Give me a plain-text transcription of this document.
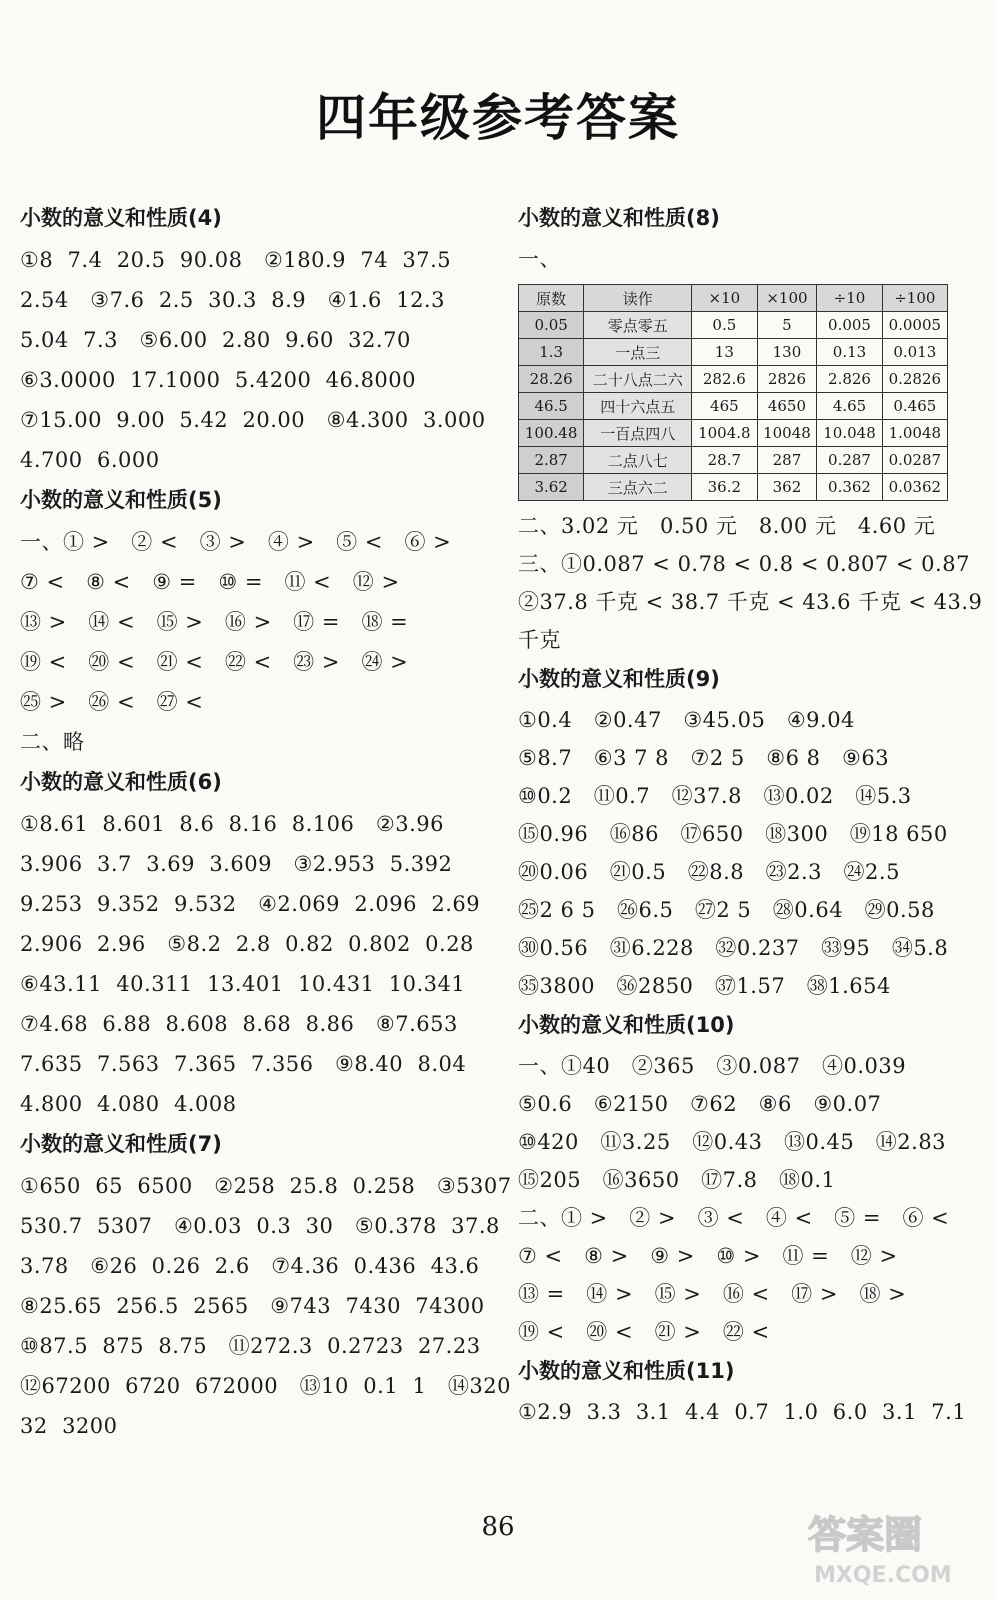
四年级参考答案
小数的意义和性质(4)
①8  7.4  20.5  90.08   ②180.9  74  37.5
2.54   ③7.6  2.5  30.3  8.9   ④1.6  12.3
5.04  7.3   ⑤6.00  2.80  9.60  32.70
⑥3.0000  17.1000  5.4200  46.8000
⑦15.00  9.00  5.42  20.00   ⑧4.300  3.000
4.700  6.000
小数的意义和性质(5)
一、① >   ② <   ③ >   ④ >   ⑤ <   ⑥ >
⑦ <   ⑧ <   ⑨ =   ⑩ =   ⑪ <   ⑫ >
⑬ >   ⑭ <   ⑮ >   ⑯ >   ⑰ =   ⑱ =
⑲ <   ⑳ <   ㉑ <   ㉒ <   ㉓ >   ㉔ >
㉕ >   ㉖ <   ㉗ <
二、略
小数的意义和性质(6)
①8.61  8.601  8.6  8.16  8.106   ②3.96
3.906  3.7  3.69  3.609   ③2.953  5.392
9.253  9.352  9.532   ④2.069  2.096  2.69
2.906  2.96   ⑤8.2  2.8  0.82  0.802  0.28
⑥43.11  40.311  13.401  10.431  10.341
⑦4.68  6.88  8.608  8.68  8.86   ⑧7.653
7.635  7.563  7.365  7.356   ⑨8.40  8.04
4.800  4.080  4.008
小数的意义和性质(7)
①650  65  6500   ②258  25.8  0.258   ③5307
530.7  5307   ④0.03  0.3  30   ⑤0.378  37.8
3.78   ⑥26  0.26  2.6   ⑦4.36  0.436  43.6
⑧25.65  256.5  2565   ⑨743  7430  74300
⑩87.5  875  8.75   ⑪272.3  0.2723  27.23
⑫67200  6720  672000   ⑬10  0.1  1   ⑭320
32  3200
小数的意义和性质(8)
一、
原数	读作	×10	×100	÷10	÷100
0.05	零点零五	0.5	5	0.005	0.0005
1.3	一点三	13	130	0.13	0.013
28.26	二十八点二六	282.6	2826	2.826	0.2826
46.5	四十六点五	465	4650	4.65	0.465
100.48	一百点四八	1004.8	10048	10.048	1.0048
2.87	二点八七	28.7	287	0.287	0.0287
3.62	三点六二	36.2	362	0.362	0.0362
二、3.02 元   0.50 元   8.00 元   4.60 元
三、①0.087 < 0.78 < 0.8 < 0.807 < 0.87
②37.8 千克 < 38.7 千克 < 43.6 千克 < 43.9
千克
小数的意义和性质(9)
①0.4   ②0.47   ③45.05   ④9.04
⑤8.7   ⑥3 7 8   ⑦2 5   ⑧6 8   ⑨63
⑩0.2   ⑪0.7   ⑫37.8   ⑬0.02   ⑭5.3
⑮0.96   ⑯86   ⑰650   ⑱300   ⑲18 650
⑳0.06   ㉑0.5   ㉒8.8   ㉓2.3   ㉔2.5
㉕2 6 5   ㉖6.5   ㉗2 5   ㉘0.64   ㉙0.58
㉚0.56   ㉛6.228   ㉜0.237   ㉝95   ㉞5.8
㉟3800   ㊱2850   ㊲1.57   ㊳1.654
小数的意义和性质(10)
一、①40   ②365   ③0.087   ④0.039
⑤0.6   ⑥2150   ⑦62   ⑧6   ⑨0.07
⑩420   ⑪3.25   ⑫0.43   ⑬0.45   ⑭2.83
⑮205   ⑯3650   ⑰7.8   ⑱0.1
二、① >   ② >   ③ <   ④ <   ⑤ =   ⑥ <
⑦ <   ⑧ >   ⑨ >   ⑩ >   ⑪ =   ⑫ >
⑬ =   ⑭ >   ⑮ >   ⑯ <   ⑰ >   ⑱ >
⑲ <   ⑳ <   ㉑ >   ㉒ <
小数的意义和性质(11)
①2.9  3.3  3.1  4.4  0.7  1.0  6.0  3.1  7.1
86	答案圈
MXQE.COM
